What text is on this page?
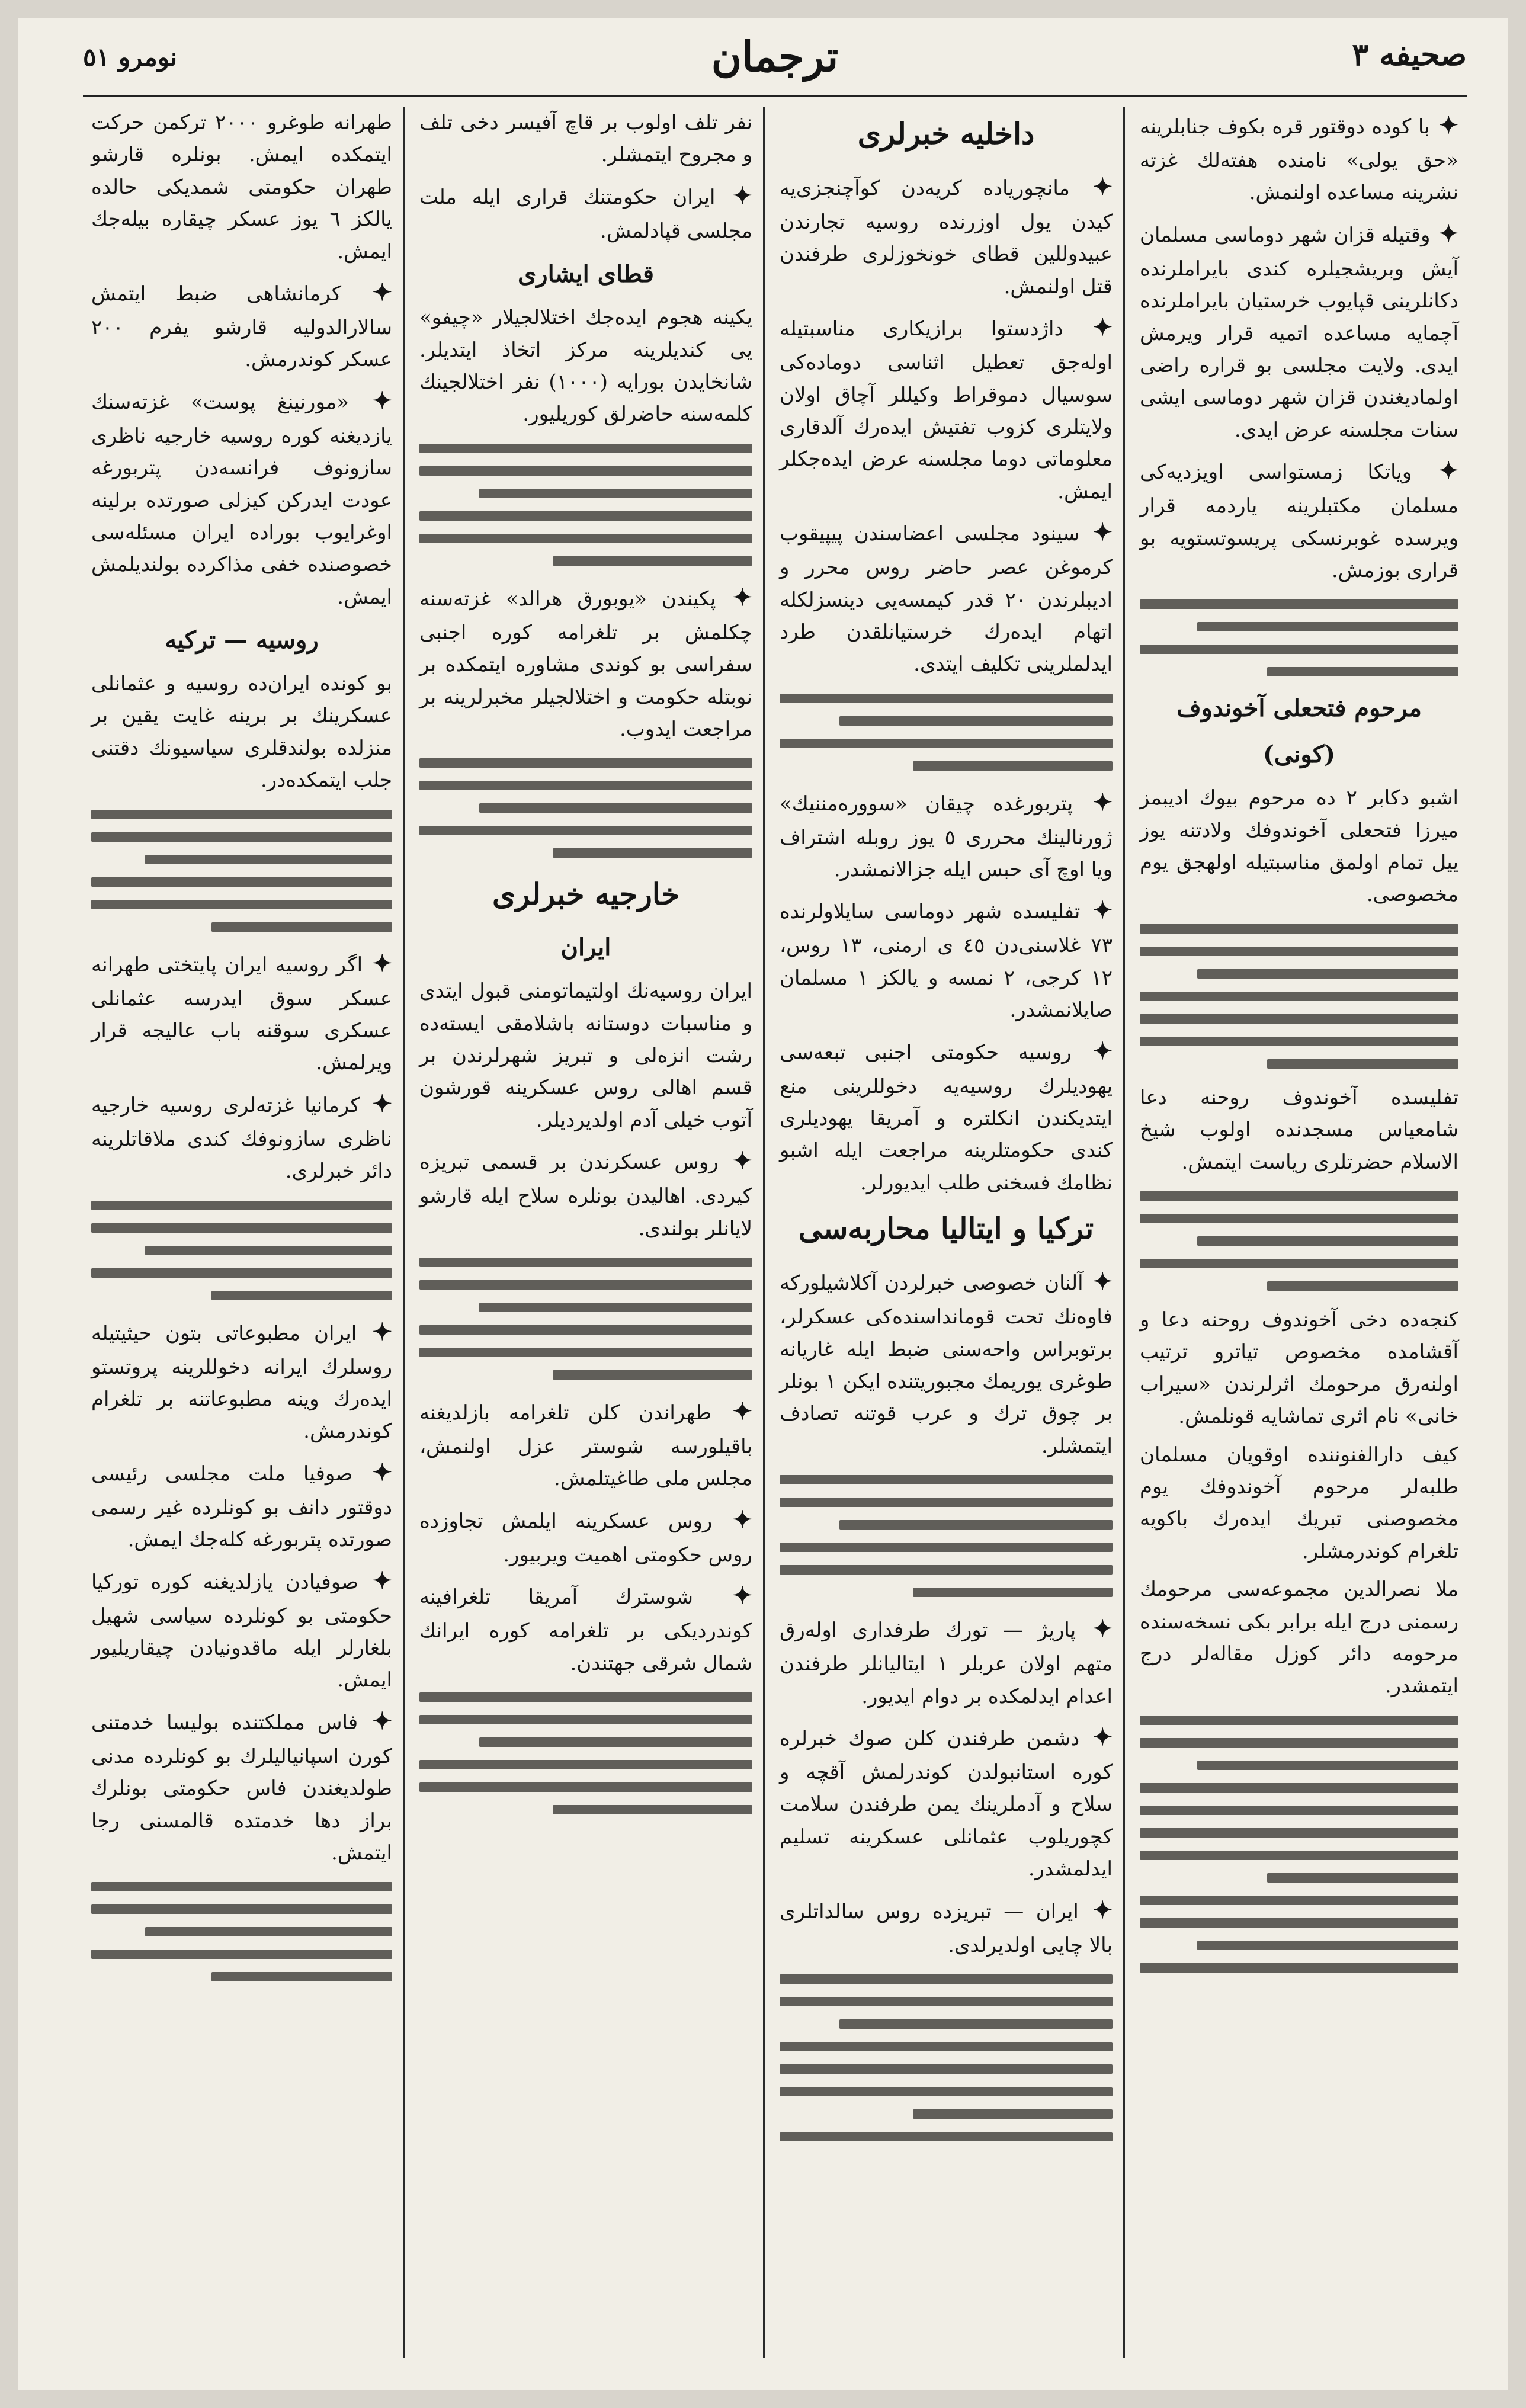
صحیفه ٣
ترجمان
نومرو ٥١

✦ با کوده دوقتور قره بکوف جنابلرینه «حق یولی» نامنده هفته‌لك غزته نشرینه مساعده اولنمش.

✦ وقتیله قزان شهر دوماسی مسلمان آیش وبریشجیلره کندی بایراملرنده دکانلرینی قپایوب خرستیان بایراملرنده آچمایه مساعده اتمیه قرار ویرمش ایدی. ولایت مجلسی بو قراره راضی اولمادیغندن قزان شهر دوماسی ایشی سنات مجلسنه عرض ایدی.

✦ ویاتکا زمستواسی اویزدیه‌کی مسلمان مکتبلرینه یاردمه قرار ویرسده غوبرنسکی پریسوتستویه بو قراری بوزمش.

مرحوم فتحعلی آخوندوف
(کونی)

اشبو دکابر ٢ ده مرحوم بیوك ادیبمز میرزا فتحعلی آخوندوفك ولادتنه یوز ییل تمام اولمق مناسبتیله اولهجق یوم مخصوصی.

تفلیسده آخوندوف روحنه دعا شامعیاس مسجدنده اولوب شیخ الاسلام حضرتلری ریاست ایتمش.

کنجه‌ده دخی آخوندوف روحنه دعا و آقشامده مخصوص تیاترو ترتیب اولنه‌رق مرحومك اثرلرندن «سیراب خانی» نام اثری تماشایه قونلمش.

کیف دارالفنوننده اوقویان مسلمان طلبه‌لر مرحوم آخوندوفك یوم مخصوصنی تبریك ایدەرك باکویه تلغرام کوندرمشلر.

ملا نصرالدین مجموعه‌سی مرحومك رسمنی درج ایله برابر بکی نسخه‌سنده مرحومه دائر کوزل مقاله‌لر درج ایتمشدر.

داخلیه خبرلری

✦ مانچوریاده کریه‌دن کوآچنجزی‌یه کیدن یول اوزرنده روسیه تجارندن عبیدوللین قطای خونخوزلری طرفندن قتل اولنمش.

✦ داژدستوا برازیکاری مناسبتیله اوله‌جق تعطیل اثناسی دوماده‌کی سوسیال دموقراط وکیللر آچاق اولان ولایتلری کزوب تفتیش ایدەرك آلدقاری معلوماتی دوما مجلسنه عرض ایده‌جکلر ایمش.

✦ سینود مجلسی اعضاسندن پیپیقوب کرموغن عصر حاضر روس محرر و ادیبلرندن ٢٠ قدر کیمسه‌یی دینسزلکله اتهام ایدەرك خرستیانلقدن طرد ایدلملرینی تکلیف ایتدی.

✦ پتربورغده چیقان «سوورەمننیك» ژورنالینك محرری ٥ یوز روبله اشتراف ویا اوچ آی حبس ایله جزالانمشدر.

✦ تفلیسده شهر دوماسی سایلاولرنده ٧٣ غلاسنی‌دن ٤٥ ی ارمنی، ١٣ روس، ١٢ کرجی، ٢ نمسه و یالکز ١ مسلمان صایلانمشدر.

✦ روسیه حکومتی اجنبی تبعه‌سی یهودیلرك روسیه‌یه دخوللرینی منع ایتدیکندن انکلتره و آمریقا یهودیلری کندی حکومتلرینه مراجعت ایله اشبو نظامك فسخنی طلب ایدیورلر.

ترکیا و ایتالیا محاربه‌سی

✦ آلنان خصوصی خبرلردن آکلاشیلورکه فاوەنك تحت قوماندا‌سنده‌کی عسکرلر، برتوبراس واحه‌سنی ضبط ایله غاریانه طوغری یوریمك مجبوریتنده ایکن ١ بونلر بر چوق ترك و عرب قوتنه تصادف ایتمشلر.

✦ پاریژ — تورك طرفداری اولەرق متهم اولان عربلر ١ ایتالیانلر طرفندن اعدام ایدلمکده بر دوام ایدیور.

✦ دشمن طرفندن کلن صوك خبرلره کوره استانبولدن کوندرلمش آقچه و سلاح و آدملرینك یمن طرفندن سلامت کچوریلوب عثمانلی عسکرینه تسلیم ایدلمشدر.

✦ ایران — تبریزده روس سالداتلری بالا چایی اولدیرلدی.

نفر تلف اولوب بر قاچ آفیسر دخی تلف و مجروح ایتمشلر.

✦ ایران حکومتنك قراری ایله ملت مجلسی قپادلمش.

قطای ایشاری

یکینه هجوم ایده‌جك اختلالجیلار «چیفو» یی کندیلرینه مرکز اتخاذ ایتدیلر. شانخایدن بورایه (١٠٠٠) نفر اختلالجینك کلمه‌سنه حاضرلق کوریلیور.

✦ پکیندن «یوبورق هرالد» غزته‌سنه چکلمش بر تلغرامه کوره اجنبی سفراسی بو کوندی مشاوره ایتمکده بر نوبتله حکومت و اختلالجیلر مخبرلرینه بر مراجعت ایدوب.

خارجیه خبرلری
ایران

ایران روسیه‌نك اولتیماتومنی قبول ایتدی و مناسبات دوستانه باشلامقی ایسته‌ده رشت انزەلی و تبریز شهرلرندن بر قسم اهالی روس عسکرینه قورشون آتوب خیلی آدم اولدیردیلر.

✦ روس عسکرندن بر قسمی تبریزه کیردی. اهالیدن بونلره سلاح ایله قارشو لایانلر بولندی.

✦ طهراندن کلن تلغرامه بازلدیغنه باقیلورسه شوستر عزل اولنمش، مجلس ملی طاغیتلمش.

✦ روس عسکرینه ایلمش تجاوزده روس حکومتی اهمیت ویربیور.

✦ شوسترك آمریقا تلغرافینه کوندردیکی بر تلغرامه کوره ایرانك شمال شرقی جهتندن.

طهرانه طوغرو ٢٠٠٠ ترکمن حرکت ایتمکده ایمش. بونلره قارشو طهران حکومتی شمدیکی حالده یالکز ٦ یوز عسکر چیقاره بیله‌جك ایمش.

✦ کرمانشاهی ضبط ایتمش سالارالدولیه قارشو یفرم ٢٠٠ عسکر کوندرمش.

✦ «مورنینغ پوست» غزته‌سنك یازدیغنه کوره روسیه خارجیه ناظری سازونوف فرانسه‌دن پتربورغه عودت ایدرکن کیزلی صورتده برلینه اوغرایوب بوراده ایران مسئله‌سی خصوصنده خفی مذاکرده بولندیلمش ایمش.

روسیه — ترکیه

بو کونده ایران‌ده روسیه و عثمانلی عسکرینك بر برینه غایت یقین بر منزلده بولندقلری سیاسیونك دقتنی جلب ایتمکده‌در.

✦ اگر روسیه ایران پایتختی طهرانه عسکر سوق ایدرسه عثمانلی عسکری سوقنه باب عالیجه قرار ویرلمش.

✦ کرمانیا غزته‌لری روسیه خارجیه ناظری سازونوفك کندی ملاقاتلرینه دائر خبرلری.

✦ ایران مطبوعاتی بتون حیثیتیله روسلرك ایرانه دخوللرینه پروتستو ایدەرك وینه مطبوعاتنه بر تلغرام کوندرمش.

✦ صوفیا ملت مجلسی رئیسی دوقتور دانف بو کونلرده غیر رسمی صورتده پتربورغه کله‌جك ایمش.

✦ صوفیادن یازلدیغنه کوره تورکیا حکومتی بو کونلرده سیاسی شهیل بلغارلر ایله ماقدونیادن چیقاریلیور ایمش.

✦ فاس مملکتنده بولیسا خدمتنی کورن اسپانیالیلرك بو کونلرده مدنی طولدیغندن فاس حکومتی بونلرك براز دها خدمتده قالمسنی رجا ایتمش.
